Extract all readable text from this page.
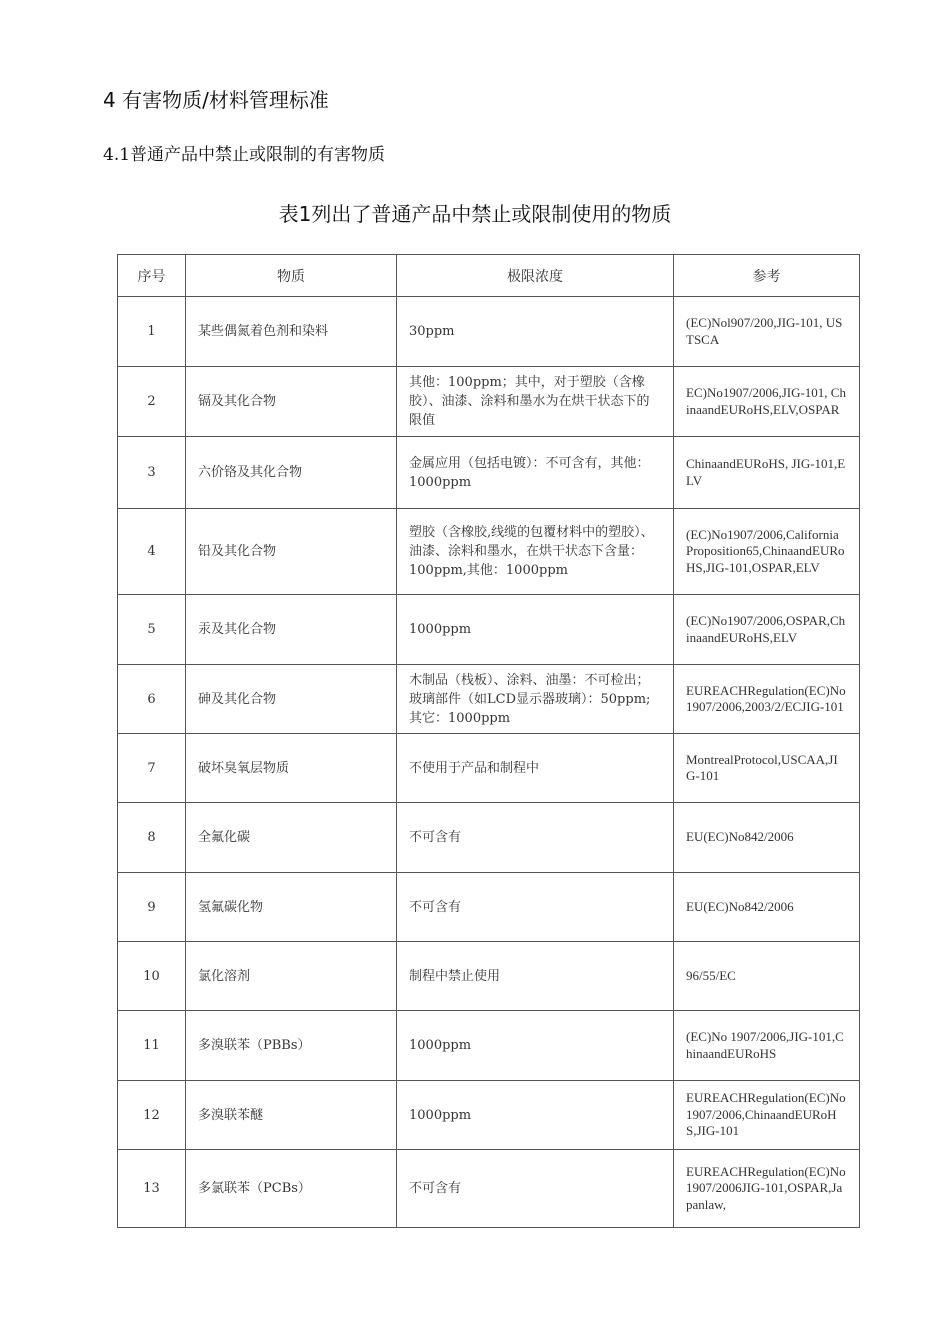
4 有害物质/材料管理标准
4.1普通产品中禁止或限制的有害物质
表1列出了普通产品中禁止或限制使用的物质
序号	物质	极限浓度	参考
1	某些偶氮着色剂和染料	30ppm	(EC)Nol907/200,JIG-101, USTSCA
2	镉及其化合物	其他：100ppm；其中，对于塑胶（含橡胶）、油漆、涂料和墨水为在烘干状态下的限值	EC)No1907/2006,JIG-101, ChinaandEURoHS,ELV,OSPAR
3	六价铬及其化合物	金属应用（包括电镀）：不可含有，其他：1000ppm	ChinaandEURoHS, JIG-101,ELV
4	铅及其化合物	塑胶（含橡胶,线缆的包覆材料中的塑胶）、油漆、涂料和墨水，在烘干状态下含量：100ppm,其他：1000ppm	(EC)No1907/2006,California Proposition65,ChinaandEURoHS,JIG-101,OSPAR,ELV
5	汞及其化合物	1000ppm	(EC)No1907/2006,OSPAR,ChinaandEURoHS,ELV
6	砷及其化合物	木制品（栈板）、涂料、油墨：不可检出；玻璃部件（如LCD显示器玻璃）：50ppm;其它：1000ppm	EUREACHRegulation(EC)No1907/2006,2003/2/ECJIG-101
7	破坏臭氧层物质	不使用于产品和制程中	MontrealProtocol,USCAA,JIG-101
8	全氟化碳	不可含有	EU(EC)No842/2006
9	氢氟碳化物	不可含有	EU(EC)No842/2006
10	氯化溶剂	制程中禁止使用	96/55/EC
11	多溴联苯（PBBs）	1000ppm	(EC)No 1907/2006,JIG-101,ChinaandEURoHS
12	多溴联苯醚	1000ppm	EUREACHRegulation(EC)No1907/2006,ChinaandEURoHS,JIG-101
13	多氯联苯（PCBs）	不可含有	EUREACHRegulation(EC)No 1907/2006JIG-101,OSPAR,Japanlaw,
